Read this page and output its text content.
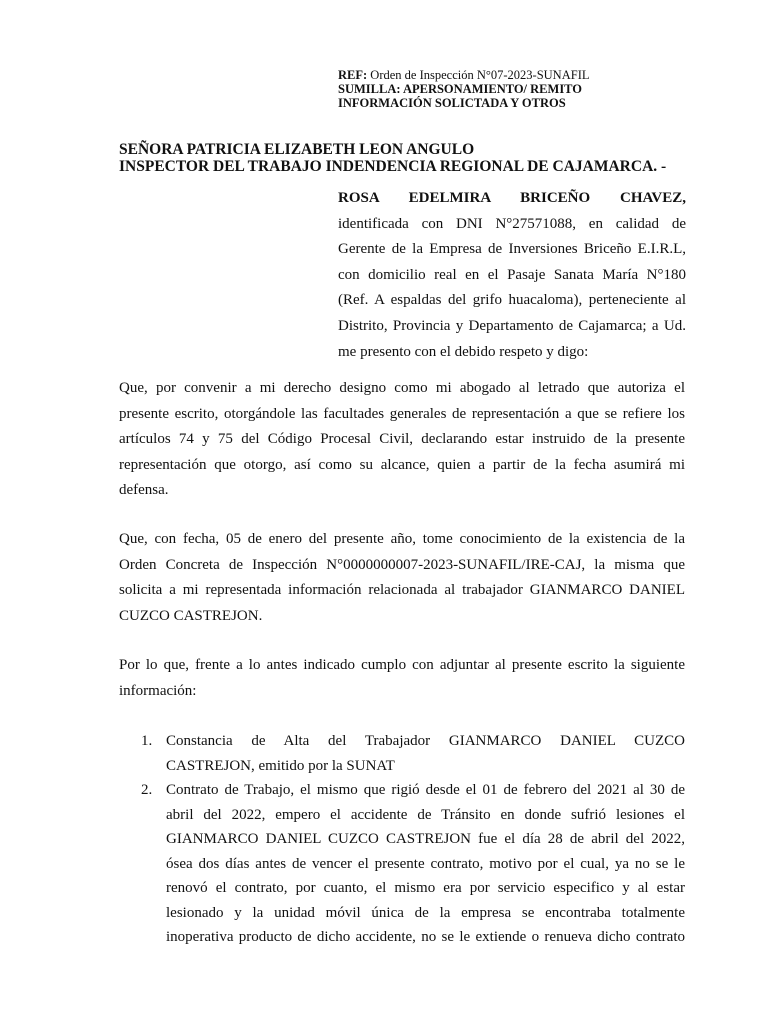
REF: Orden de Inspección N°07-2023-SUNAFIL
SUMILLA: APERSONAMIENTO/ REMITO
INFORMACIÓN SOLICTADA Y OTROS
SEÑORA PATRICIA ELIZABETH LEON ANGULO
INSPECTOR DEL TRABAJO INDENDENCIA REGIONAL DE CAJAMARCA. -
ROSA EDELMIRA BRICEÑO CHAVEZ,
identificada con DNI N°27571088, en calidad de
Gerente de la Empresa de Inversiones Briceño E.I.R.L,
con domicilio real en el Pasaje Sanata María N°180
(Ref. A espaldas del grifo huacaloma), perteneciente al
Distrito, Provincia y Departamento de Cajamarca; a Ud.
me presento con el debido respeto y digo:
Que, por convenir a mi derecho designo como mi abogado al letrado que autoriza el
presente escrito, otorgándole las facultades generales de representación a que se refiere los
artículos 74 y 75 del Código Procesal Civil, declarando estar instruido de la presente
representación que otorgo, así como su alcance, quien a partir de la fecha asumirá mi
defensa.
Que, con fecha, 05 de enero del presente año, tome conocimiento de la existencia de la
Orden Concreta de Inspección N°0000000007-2023-SUNAFIL/IRE-CAJ, la misma que
solicita a mi representada información relacionada al trabajador GIANMARCO DANIEL
CUZCO CASTREJON.
Por lo que, frente a lo antes indicado cumplo con adjuntar al presente escrito la siguiente
información:
1. Constancia de Alta del Trabajador GIANMARCO DANIEL CUZCO
CASTREJON, emitido por la SUNAT
2. Contrato de Trabajo, el mismo que rigió desde el 01 de febrero del 2021 al 30 de
abril del 2022, empero el accidente de Tránsito en donde sufrió lesiones el
GIANMARCO DANIEL CUZCO CASTREJON fue el día 28 de abril del 2022,
ósea dos días antes de vencer el presente contrato, motivo por el cual, ya no se le
renovó el contrato, por cuanto, el mismo era por servicio especifico y al estar
lesionado y la unidad móvil única de la empresa se encontraba totalmente
inoperativa producto de dicho accidente, no se le extiende o renueva dicho contrato
